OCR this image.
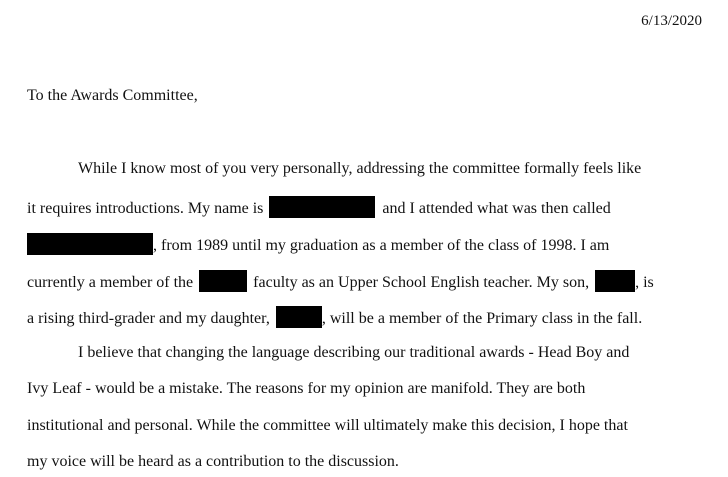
6/13/2020
To the Awards Committee,
While I know most of you very personally, addressing the committee formally feels like
it requires introductions. My name is	and I attended what was then called
, from 1989 until my graduation as a member of the class of 1998. I am
currently a member of the	faculty as an Upper School English teacher. My son,	, is
a rising third-grader and my daughter,	, will be a member of the Primary class in the fall.
I believe that changing the language describing our traditional awards - Head Boy and
Ivy Leaf - would be a mistake. The reasons for my opinion are manifold. They are both
institutional and personal. While the committee will ultimately make this decision, I hope that
my voice will be heard as a contribution to the discussion.
